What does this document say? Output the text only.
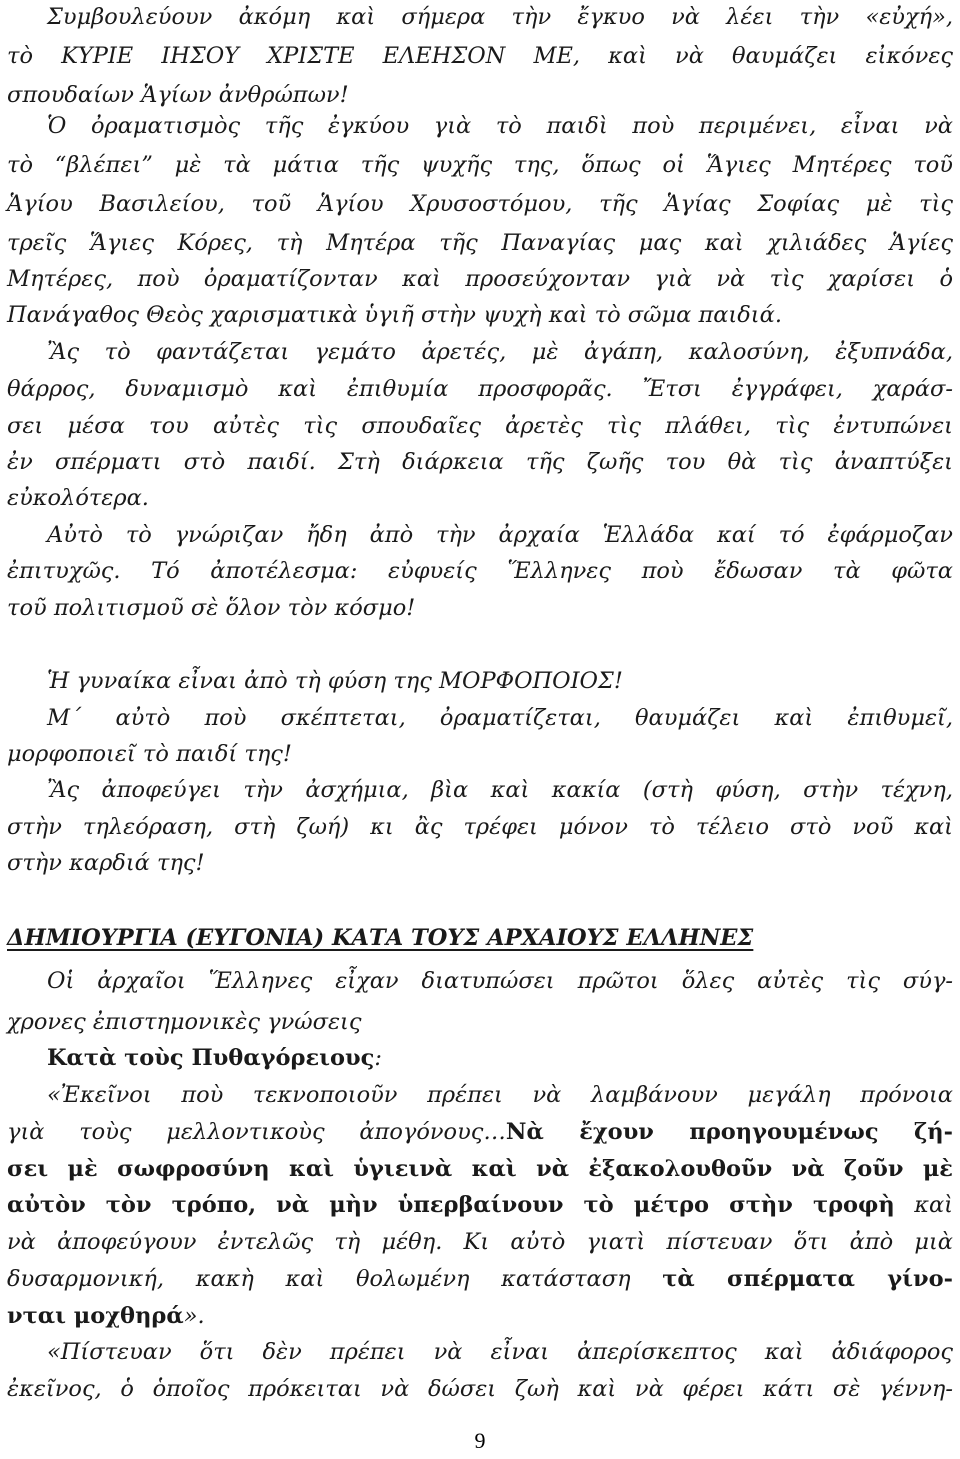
Συμβουλεύουν ἀκόμη καὶ σήμερα τὴν ἔγκυο νὰ λέει τὴν «εὐχή»,
τὸ ΚΥΡΙΕ ΙΗΣΟΥ ΧΡΙΣΤΕ ΕΛΕΗΣΟΝ ΜΕ, καὶ νὰ θαυμάζει εἰκόνες
σπουδαίων Ἁγίων ἀνθρώπων!
Ὁ ὀραματισμὸς τῆς ἐγκύου γιὰ τὸ παιδὶ ποὺ περιμένει, εἶναι νὰ
τὸ “βλέπει” μὲ τὰ μάτια τῆς ψυχῆς της, ὅπως οἱ Ἅγιες Μητέρες τοῦ
Ἁγίου Βασιλείου, τοῦ Ἁγίου Χρυσοστόμου, τῆς Ἁγίας Σοφίας μὲ τὶς
τρεῖς Ἅγιες Κόρες, τὴ Μητέρα τῆς Παναγίας μας καὶ χιλιάδες Ἁγίες
Μητέρες, ποὺ ὀραματίζονταν καὶ προσεύχονταν γιὰ νὰ τὶς χαρίσει ὁ
Πανάγαθος Θεὸς χαρισματικὰ ὑγιῆ στὴν ψυχὴ καὶ τὸ σῶμα παιδιά.
Ἂς τὸ φαντάζεται γεμάτο ἀρετές, μὲ ἀγάπη, καλοσύνη, ἐξυπνάδα,
θάρρος, δυναμισμὸ καὶ ἐπιθυμία προσφορᾶς. Ἔτσι ἐγγράφει, χαράσ-
σει μέσα του αὐτὲς τὶς σπουδαῖες ἀρετὲς τὶς πλάθει, τὶς ἐντυπώνει
ἐν σπέρματι στὸ παιδί. Στὴ διάρκεια τῆς ζωῆς του θὰ τὶς ἀναπτύξει
εὐκολότερα.
Αὐτὸ τὸ γνώριζαν ἤδη ἀπὸ τὴν ἀρχαία Ἑλλάδα καί τό ἐφάρμοζαν
ἐπιτυχῶς. Τό ἀποτέλεσμα: εὐφυείς Ἕλληνες ποὺ ἔδωσαν τὰ φῶτα
τοῦ πολιτισμοῦ σὲ ὅλον τὸν κόσμο!
Ἡ γυναίκα εἶναι ἀπὸ τὴ φύση της ΜΟΡΦΟΠΟΙΟΣ!
Μ΄ αὐτὸ ποὺ σκέπτεται, ὀραματίζεται, θαυμάζει καὶ ἐπιθυμεῖ,
μορφοποιεῖ τὸ παιδί της!
Ἂς ἀποφεύγει τὴν ἀσχήμια, βὶα καὶ κακία (στὴ φύση, στὴν τέχνη,
στὴν τηλεόραση, στὴ ζωή) κι ἂς τρέφει μόνον τὸ τέλειο στὸ νοῦ καὶ
στὴν καρδιά της!
ΔΗΜΙΟΥΡΓΙΑ (ΕΥΓΟΝΙΑ) ΚΑΤΑ ΤΟΥΣ ΑΡΧΑΙΟΥΣ ΕΛΛΗΝΕΣ
Οἱ ἀρχαῖοι Ἕλληνες εἶχαν διατυπώσει πρῶτοι ὅλες αὐτὲς τὶς σύγ-
χρονες ἐπιστημονικὲς γνώσεις
Κατὰ τοὺς Πυθαγόρειους:
«Ἐκεῖνοι ποὺ τεκνοποιοῦν πρέπει νὰ λαμβάνουν μεγάλη πρόνοια
γιὰ τοὺς μελλοντικοὺς ἀπογόνους…Νὰ ἔχουν προηγουμένως ζή-
σει μὲ σωφροσύνη καὶ ὑγιεινὰ καὶ νὰ ἐξακολουθοῦν νὰ ζοῦν μὲ
αὐτὸν τὸν τρόπο, νὰ μὴν ὑπερβαίνουν τὸ μέτρο στὴν τροφὴ καὶ
νὰ ἀποφεύγουν ἐντελῶς τὴ μέθη. Κι αὐτὸ γιατὶ πίστευαν ὅτι ἀπὸ μιὰ
δυσαρμονική, κακὴ καὶ θολωμένη κατάσταση τὰ σπέρματα γίνο-
νται μοχθηρά».
«Πίστευαν ὅτι δὲν πρέπει νὰ εἶναι ἀπερίσκεπτος καὶ ἀδιάφορος
ἐκεῖνος, ὁ ὁποῖος πρόκειται νὰ δώσει ζωὴ καὶ νὰ φέρει κάτι σὲ γέννη-
9
